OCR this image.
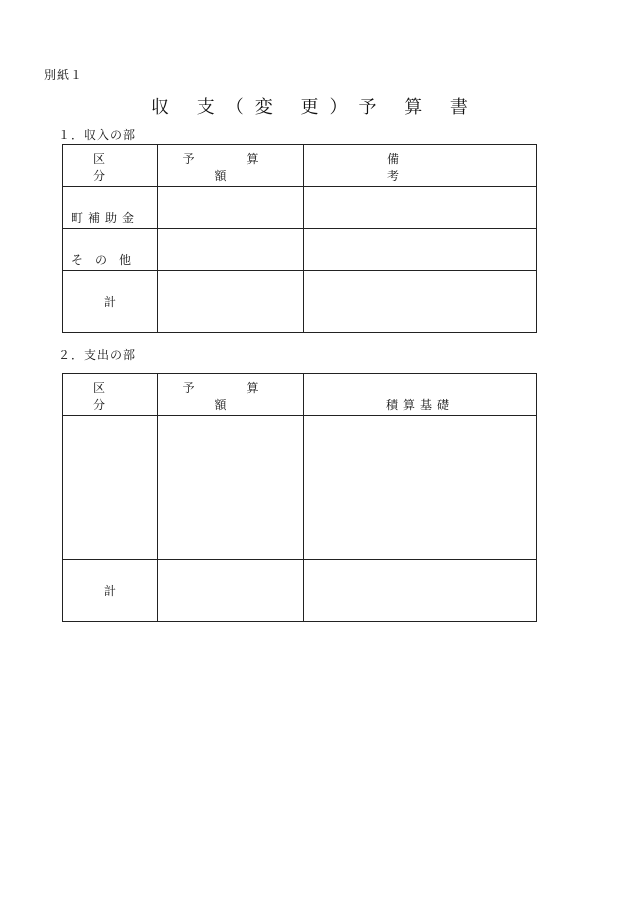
別紙１
収 支（変 更）予 算 書
１．収入の部
区　分	予　算　額	備　　考

町補助金		
そ　の　他		
計		
２．支出の部
区　分	予　算　額	積算基礎

計		
